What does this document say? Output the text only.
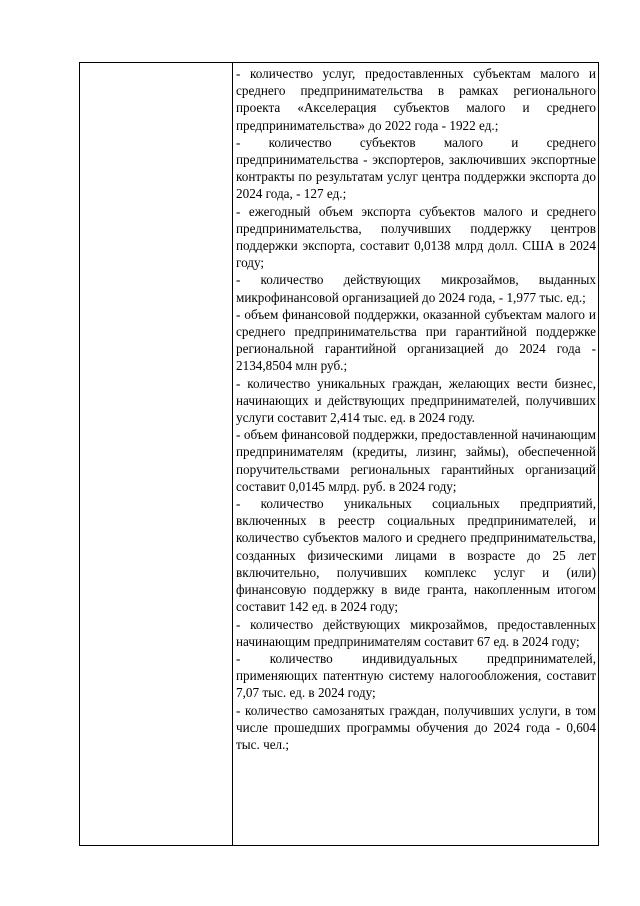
- количество услуг, предоставленных субъектам малого и среднего предпринимательства в рамках регионального проекта «Акселерация субъектов малого и среднего предпринимательства» до 2022 года - 1922 ед.;

- количество субъектов малого и среднего предпринимательства - экспортеров, заключивших экспортные контракты по результатам услуг центра поддержки экспорта до 2024 года, - 127 ед.;

- ежегодный объем экспорта субъектов малого и среднего предпринимательства, получивших поддержку центров поддержки экспорта, составит 0,0138 млрд долл. США в 2024 году;

- количество действующих микрозаймов, выданных микрофинансовой организацией до 2024 года, - 1,977 тыс. ед.;

- объем финансовой поддержки, оказанной субъектам малого и среднего предпринимательства при гарантийной поддержке региональной гарантийной организацией до 2024 года - 2134,8504 млн руб.;

- количество уникальных граждан, желающих вести бизнес, начинающих и действующих предпринимателей, получивших услуги составит 2,414 тыс. ед. в 2024 году.

- объем финансовой поддержки, предоставленной начинающим предпринимателям (кредиты, лизинг, займы), обеспеченной поручительствами региональных гарантийных организаций составит 0,0145 млрд. руб. в 2024 году;

- количество уникальных социальных предприятий, включенных в реестр социальных предпринимателей, и количество субъектов малого и среднего предпринимательства, созданных физическими лицами в возрасте до 25 лет включительно, получивших комплекс услуг и (или) финансовую поддержку в виде гранта, накопленным итогом составит 142 ед. в 2024 году;

- количество действующих микрозаймов, предоставленных начинающим предпринимателям составит 67 ед. в 2024 году;

- количество индивидуальных предпринимателей, применяющих патентную систему налогообложения, составит 7,07 тыс. ед. в 2024 году;

- количество самозанятых граждан, получивших услуги, в том числе прошедших программы обучения до 2024 года - 0,604 тыс. чел.;
